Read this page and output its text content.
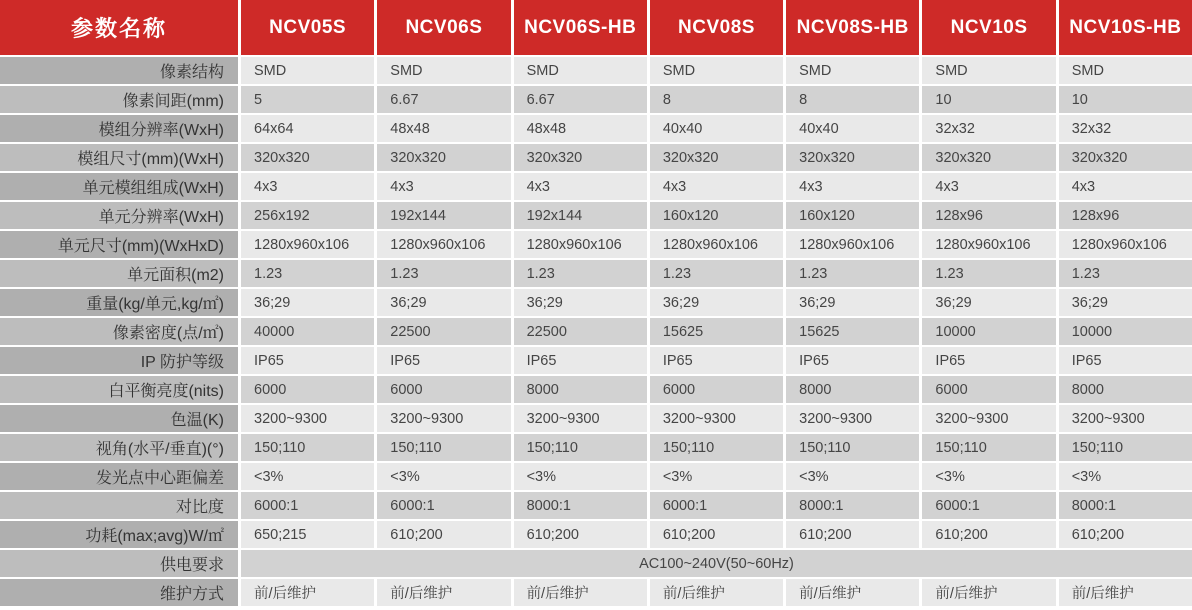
参数名称	NCV05S	NCV06S	NCV06S-HB	NCV08S	NCV08S-HB	NCV10S	NCV10S-HB
像素结构	SMD	SMD	SMD	SMD	SMD	SMD	SMD
像素间距(mm)	5	6.67	6.67	8	8	10	10
模组分辨率(WxH)	64x64	48x48	48x48	40x40	40x40	32x32	32x32
模组尺寸(mm)(WxH)	320x320	320x320	320x320	320x320	320x320	320x320	320x320
单元模组组成(WxH)	4x3	4x3	4x3	4x3	4x3	4x3	4x3
单元分辨率(WxH)	256x192	192x144	192x144	160x120	160x120	128x96	128x96
单元尺寸(mm)(WxHxD)	1280x960x106	1280x960x106	1280x960x106	1280x960x106	1280x960x106	1280x960x106	1280x960x106
单元面积(m2)	1.23	1.23	1.23	1.23	1.23	1.23	1.23
重量(kg/单元,kg/㎡)	36;29	36;29	36;29	36;29	36;29	36;29	36;29
像素密度(点/㎡)	40000	22500	22500	15625	15625	10000	10000
IP 防护等级	IP65	IP65	IP65	IP65	IP65	IP65	IP65
白平衡亮度(nits)	6000	6000	8000	6000	8000	6000	8000
色温(K)	3200~9300	3200~9300	3200~9300	3200~9300	3200~9300	3200~9300	3200~9300
视角(水平/垂直)(°)	150;110	150;110	150;110	150;110	150;110	150;110	150;110
发光点中心距偏差	<3%	<3%	<3%	<3%	<3%	<3%	<3%
对比度	6000:1	6000:1	8000:1	6000:1	8000:1	6000:1	8000:1
功耗(max;avg)W/㎡	650;215	610;200	610;200	610;200	610;200	610;200	610;200
供电要求	AC100~240V(50~60Hz)
维护方式	前/后维护	前/后维护	前/后维护	前/后维护	前/后维护	前/后维护	前/后维护
